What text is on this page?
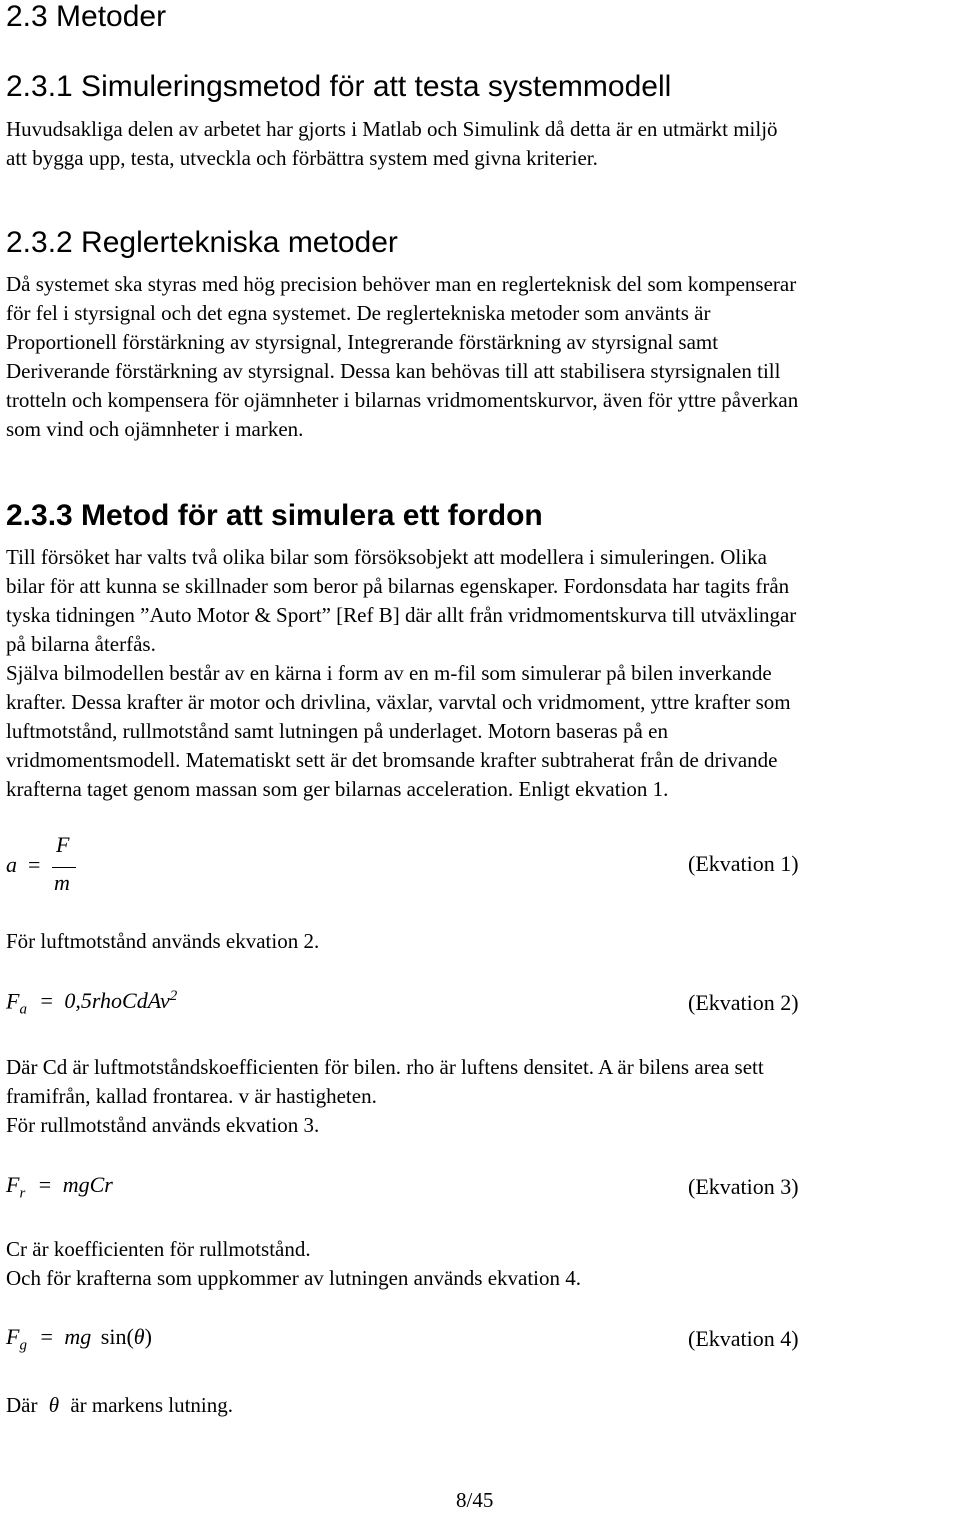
2.3 Metoder
2.3.1 Simuleringsmetod för att testa systemmodell
Huvudsakliga delen av arbetet har gjorts i Matlab och Simulink då detta är en utmärkt miljö
att bygga upp, testa, utveckla och förbättra system med givna kriterier.
2.3.2 Reglertekniska metoder
Då systemet ska styras med hög precision behöver man en reglerteknisk del som kompenserar
för fel i styrsignal och det egna systemet. De reglertekniska metoder som använts är
Proportionell förstärkning av styrsignal, Integrerande förstärkning av styrsignal samt
Deriverande förstärkning av styrsignal. Dessa kan behövas till att stabilisera styrsignalen till
trotteln och kompensera för ojämnheter i bilarnas vridmomentskurvor, även för yttre påverkan
som vind och ojämnheter i marken.
2.3.3 Metod för att simulera ett fordon
Till försöket har valts två olika bilar som försöksobjekt att modellera i simuleringen. Olika
bilar för att kunna se skillnader som beror på bilarnas egenskaper. Fordonsdata har tagits från
tyska tidningen ”Auto Motor & Sport” [Ref B] där allt från vridmomentskurva till utväxlingar
på bilarna återfås.
Själva bilmodellen består av en kärna i form av en m-fil som simulerar på bilen inverkande
krafter. Dessa krafter är motor och drivlina, växlar, varvtal och vridmoment, yttre krafter som
luftmotstånd, rullmotstånd samt lutningen på underlaget. Motorn baseras på en
vridmomentsmodell. Matematiskt sett är det bromsande krafter subtraherat från de drivande
krafterna taget genom massan som ger bilarnas acceleration. Enligt ekvation 1.
a =
F
m
(Ekvation 1)
För luftmotstånd används ekvation 2.
$F_a$ = 0,5rhoCdAv$^2$	(Ekvation 2)
Där Cd är luftmotståndskoefficienten för bilen. rho är luftens densitet. A är bilens area sett
framifrån, kallad frontarea. v är hastigheten.
För rullmotstånd används ekvation 3.
$F_r$ = mgCr	(Ekvation 3)
Cr är koefficienten för rullmotstånd.
Och för krafterna som uppkommer av lutningen används ekvation 4.
$F_g$ = mg sin(θ)	(Ekvation 4)
Där θ är markens lutning.
8/45
